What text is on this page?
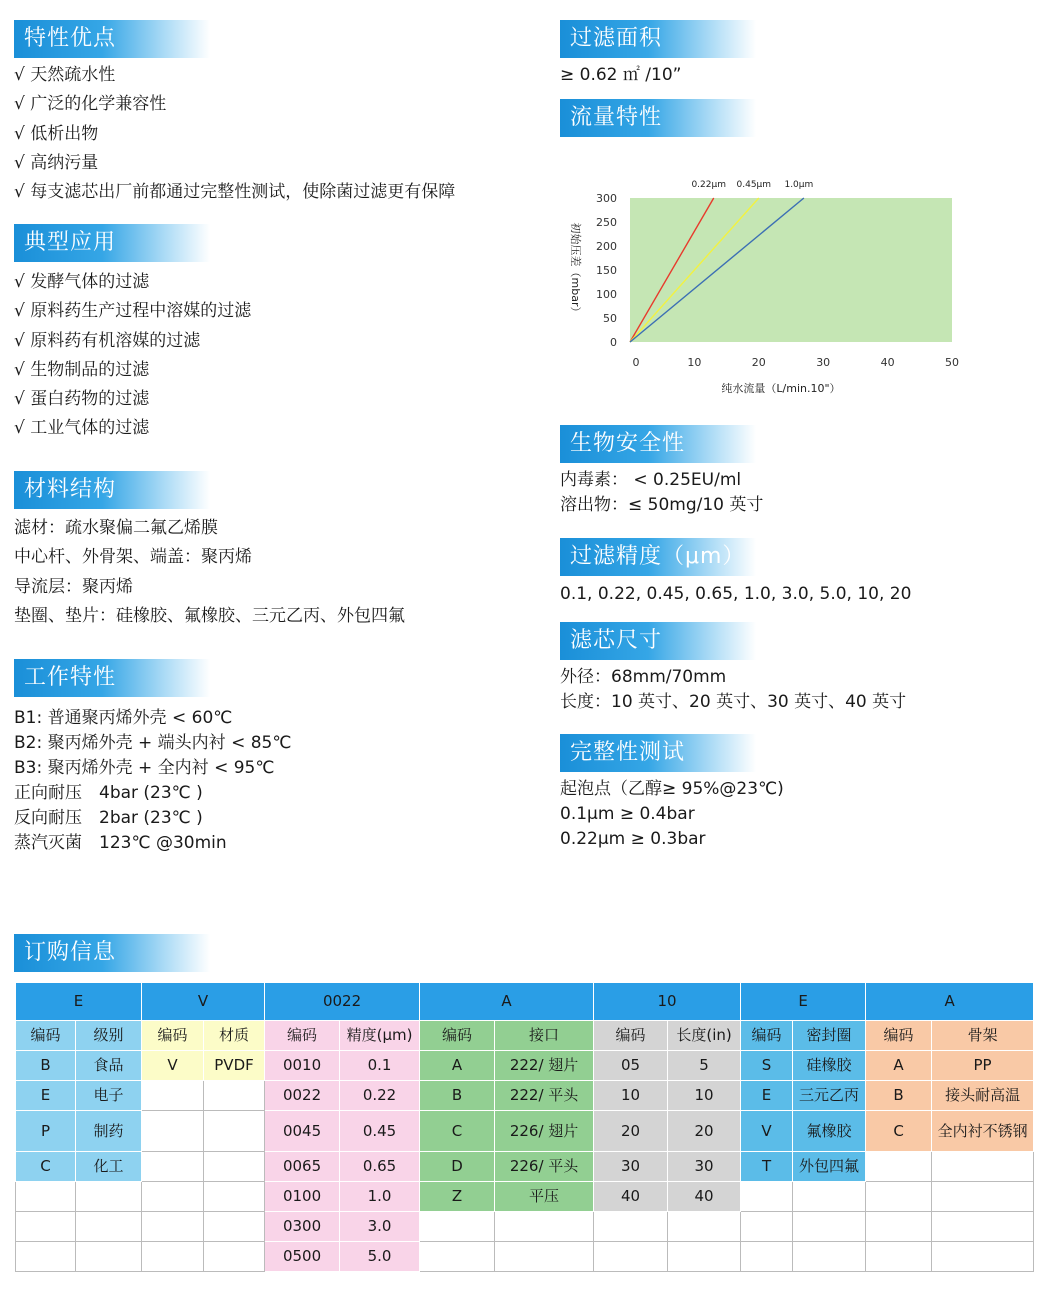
特性优点
√ 天然疏水性
√ 广泛的化学兼容性
√ 低析出物
√ 高纳污量
√ 每支滤芯出厂前都通过完整性测试，使除菌过滤更有保障
典型应用
√ 发酵气体的过滤
√ 原料药生产过程中溶媒的过滤
√ 原料药有机溶媒的过滤
√ 生物制品的过滤
√ 蛋白药物的过滤
√ 工业气体的过滤
材料结构
滤材：疏水聚偏二氟乙烯膜
中心杆、外骨架、端盖：聚丙烯
导流层：聚丙烯
垫圈、垫片：硅橡胶、氟橡胶、三元乙丙、外包四氟
工作特性
B1: 普通聚丙烯外壳 < 60℃
B2: 聚丙烯外壳 + 端头内衬 < 85℃
B3: 聚丙烯外壳 + 全内衬 < 95℃
正向耐压　4bar (23℃ )
反向耐压　2bar (23℃ )
蒸汽灭菌　123℃ @30min
过滤面积
≥ 0.62 ㎡ /10”
流量特性
0
50
100
150
200
250
300
0	10	20	30	40	50
0.22μm 0.45μm 1.0μm
纯水流量（L/min.10"）
初始压差（mbar）
生物安全性
内毒素： < 0.25EU/ml
溶出物：≤ 50mg/10 英寸
过滤精度（μm）
0.1, 0.22, 0.45, 0.65, 1.0, 3.0, 5.0, 10, 20
滤芯尺寸
外径：68mm/70mm
长度：10 英寸、20 英寸、30 英寸、40 英寸
完整性测试
起泡点（乙醇≥ 95%@23℃)
0.1μm ≥ 0.4bar
0.22μm ≥ 0.3bar
订购信息
E		V		0022		A		10		E		A	
编码	级别	编码	材质	编码	精度(μm)	编码	接口	编码	长度(in)	编码	密封圈	编码	骨架
B	食品	V	PVDF	0010	0.1	A	222/ 翅片	05	5	S	硅橡胶	A	PP
E	电子			0022	0.22	B	222/ 平头	10	10	E	三元乙丙	B	接头耐高温
P	制药			0045	0.45	C	226/ 翅片	20	20	V	氟橡胶	C	全内衬不锈钢
C	化工			0065	0.65	D	226/ 平头	30	30	T	外包四氟		
				0100	1.0	Z	平压	40	40				
				0300	3.0								
				0500	5.0								
